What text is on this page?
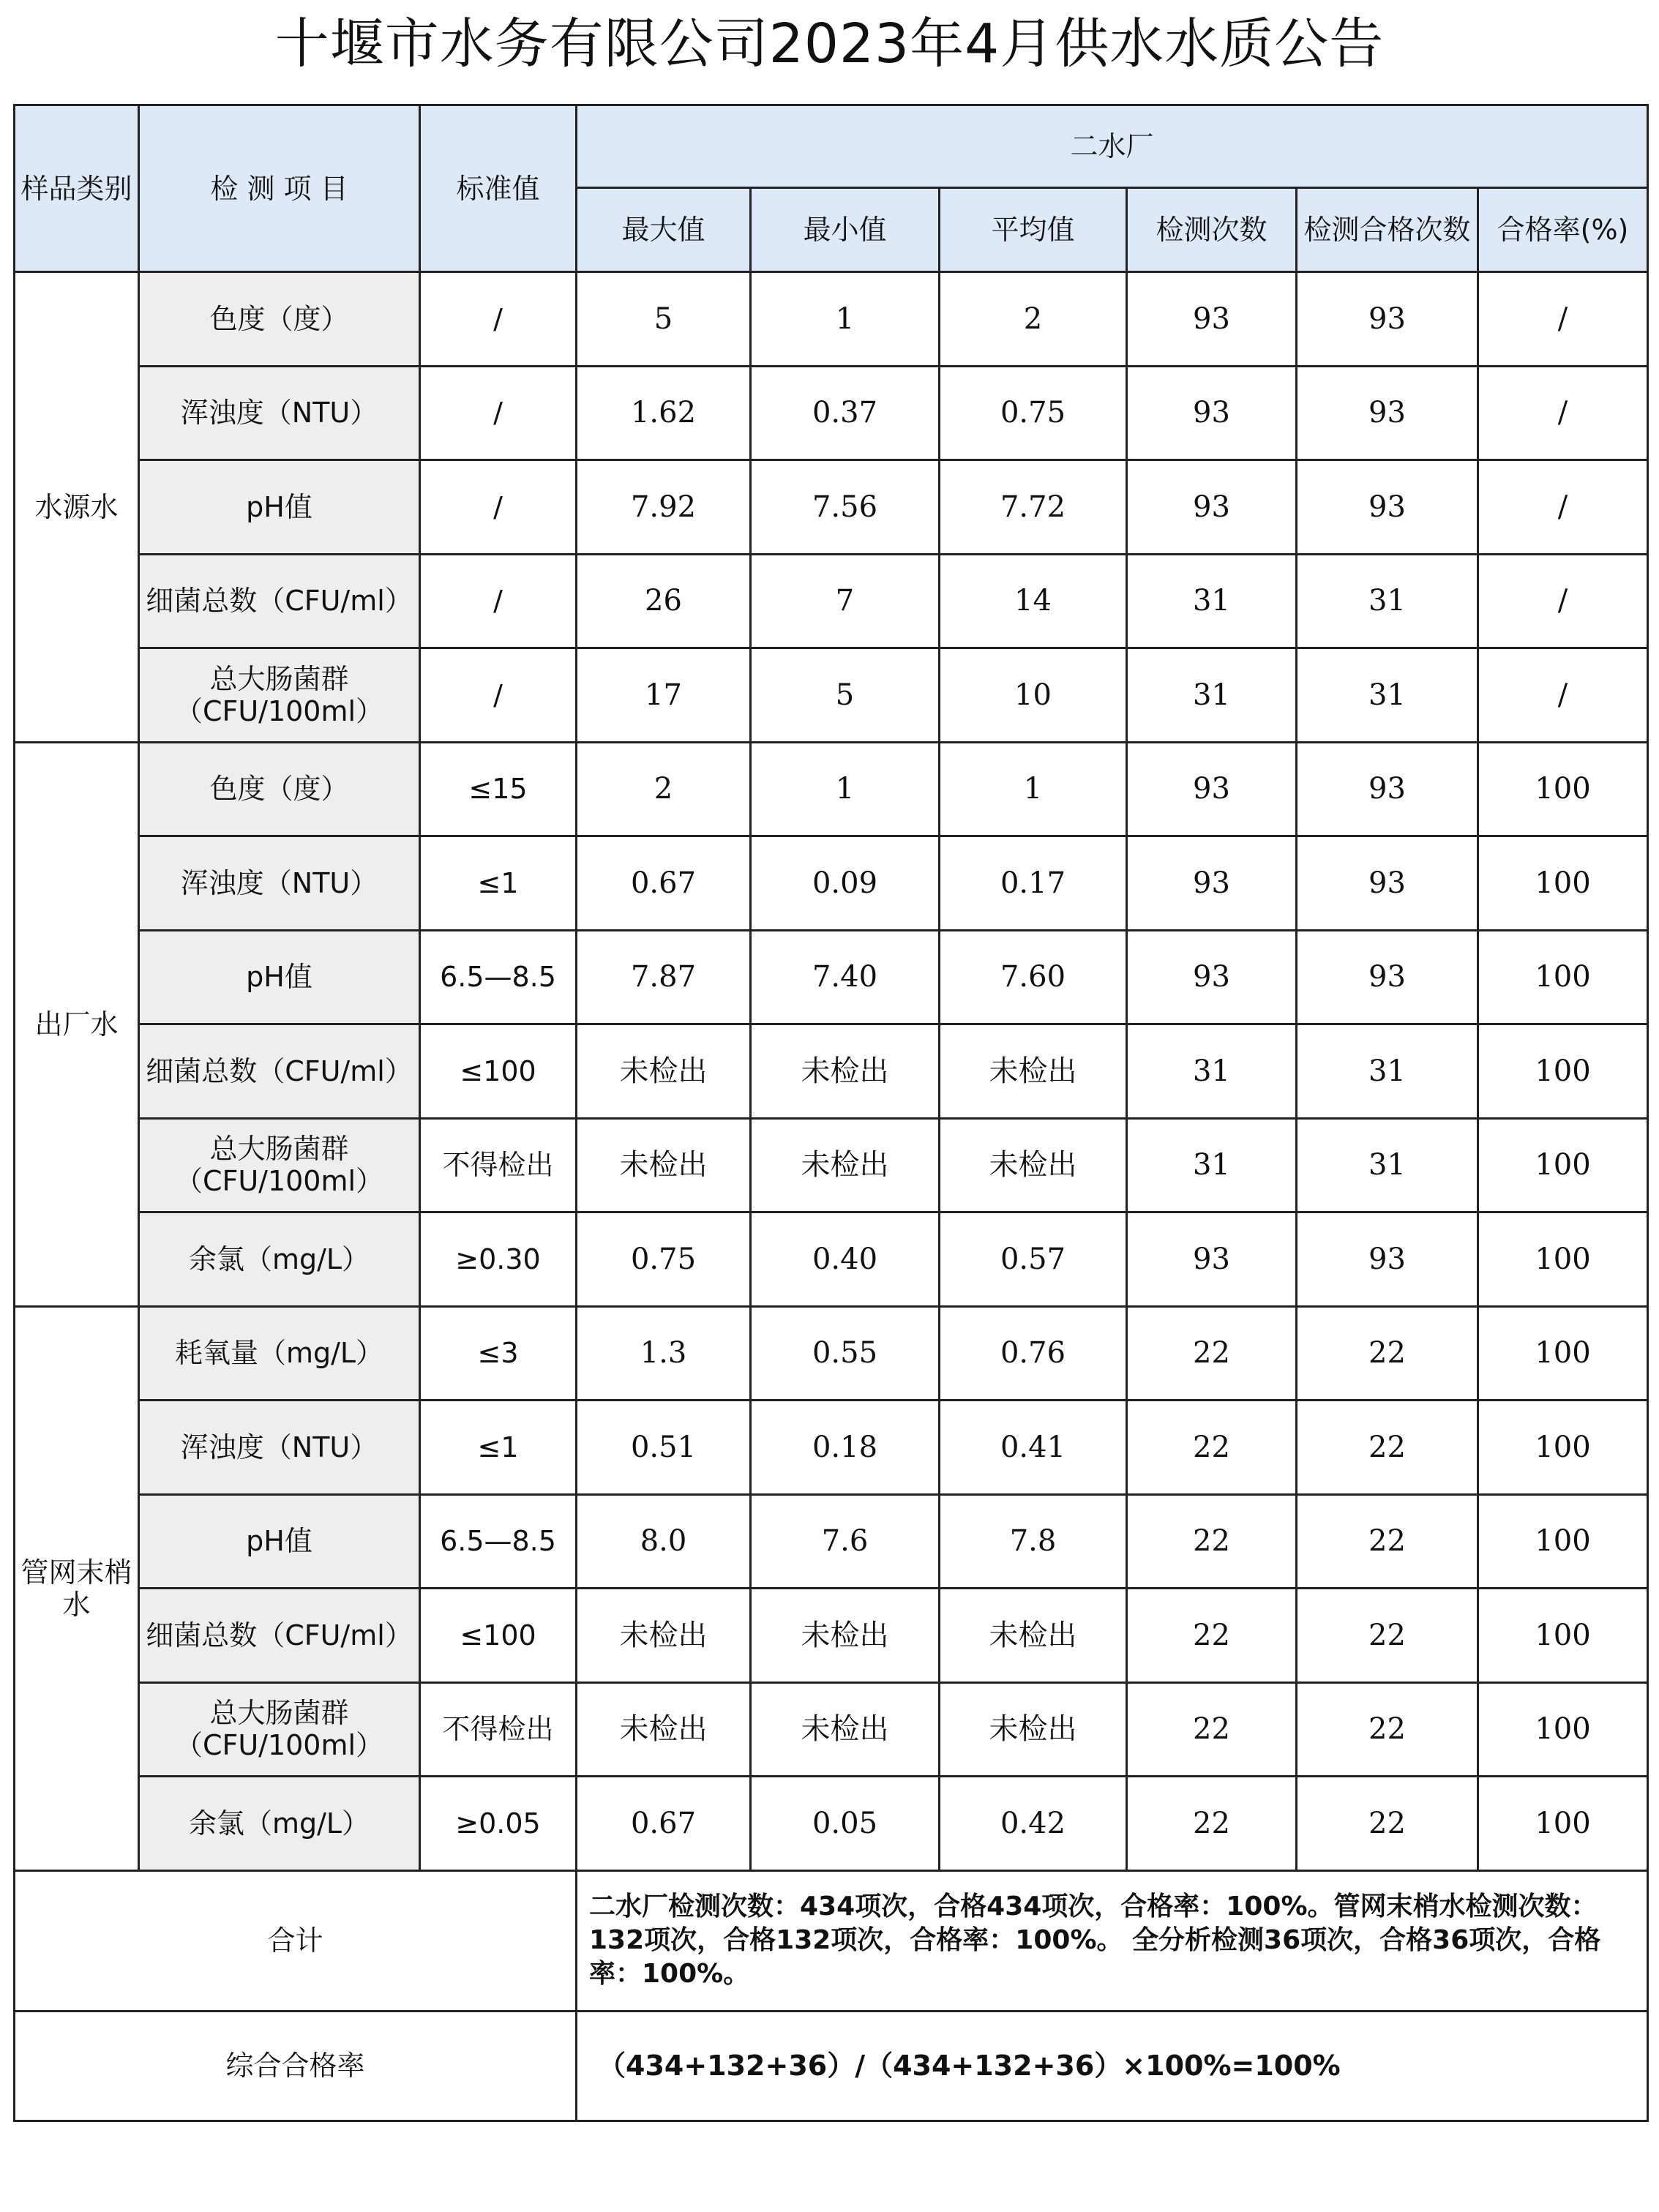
十堰市水务有限公司2023年4月供水水质公告
样品类别	检 测 项 目	标准值	二水厂					
			最大值	最小值	平均值	检测次数	检测合格次数	合格率(%)
水源水	色度（度）	/	5	1	2	93	93	/
	浑浊度（NTU）	/	1.62	0.37	0.75	93	93	/
	pH值	/	7.92	7.56	7.72	93	93	/
	细菌总数（CFU/ml）	/	26	7	14	31	31	/
	总大肠菌群（CFU/100ml）	/	17	5	10	31	31	/
出厂水	色度（度）	≤15	2	1	1	93	93	100
	浑浊度（NTU）	≤1	0.67	0.09	0.17	93	93	100
	pH值	6.5—8.5	7.87	7.40	7.60	93	93	100
	细菌总数（CFU/ml）	≤100	未检出	未检出	未检出	31	31	100
	总大肠菌群（CFU/100ml）	不得检出	未检出	未检出	未检出	31	31	100
	余氯（mg/L）	≥0.30	0.75	0.40	0.57	93	93	100
管网末梢水	耗氧量（mg/L）	≤3	1.3	0.55	0.76	22	22	100
	浑浊度（NTU）	≤1	0.51	0.18	0.41	22	22	100
	pH值	6.5—8.5	8.0	7.6	7.8	22	22	100
	细菌总数（CFU/ml）	≤100	未检出	未检出	未检出	22	22	100
	总大肠菌群（CFU/100ml）	不得检出	未检出	未检出	未检出	22	22	100
	余氯（mg/L）	≥0.05	0.67	0.05	0.42	22	22	100
合计			二水厂检测次数：434项次，合格434项次，合格率：100%。管网末梢水检测次数：132项次，合格132项次，合格率：100%。 全分析检测36项次，合格36项次，合格率：100%。					
综合合格率			（434+132+36）/（434+132+36）×100%=100%					
